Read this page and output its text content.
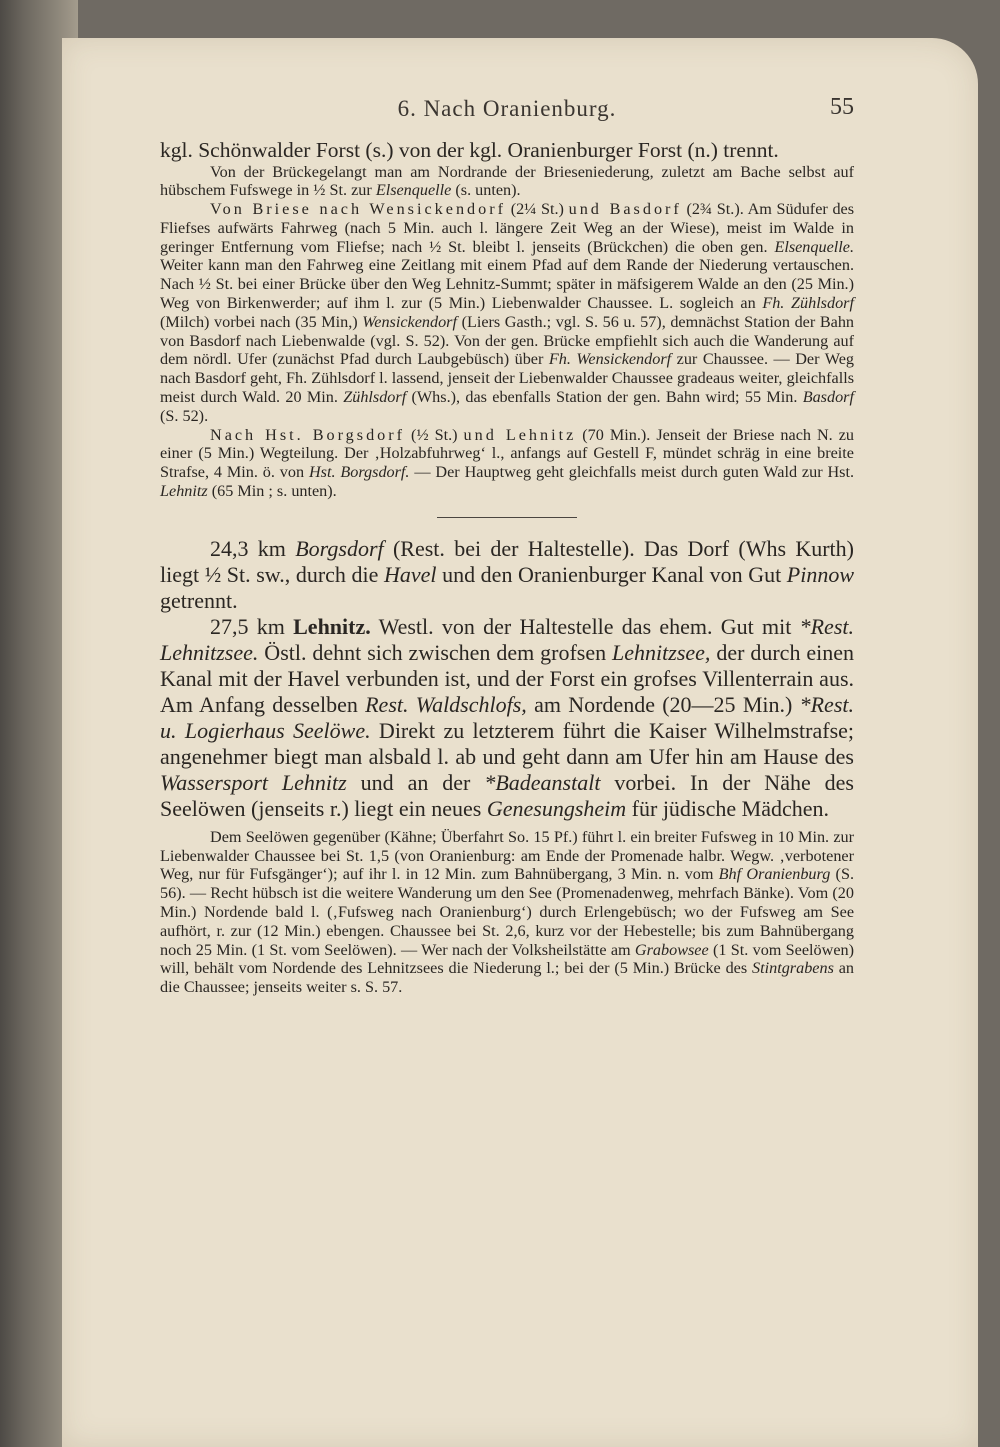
6. Nach Oranienburg.	55

kgl. Schönwalder Forst (s.) von der kgl. Oranienburger Forst (n.) trennt.

Von der Brückegelangt man am Nordrande der Brieseniederung, zuletzt am Bache selbst auf hübschem Fufswege in ½ St. zur Elsenquelle (s. unten).

Von Briese nach Wensickendorf (2¼ St.) und Basdorf (2¾ St.). Am Südufer des Fliefses aufwärts Fahrweg (nach 5 Min. auch l. längere Zeit Weg an der Wiese), meist im Walde in geringer Entfernung vom Fliefse; nach ½ St. bleibt l. jenseits (Brückchen) die oben gen. Elsenquelle. Weiter kann man den Fahrweg eine Zeitlang mit einem Pfad auf dem Rande der Niederung vertauschen. Nach ½ St. bei einer Brücke über den Weg Lehnitz-Summt; später in mäfsigerem Walde an den (25 Min.) Weg von Birkenwerder; auf ihm l. zur (5 Min.) Liebenwalder Chaussee. L. sogleich an Fh. Zühlsdorf (Milch) vorbei nach (35 Min,) Wensickendorf (Liers Gasth.; vgl. S. 56 u. 57), demnächst Station der Bahn von Basdorf nach Liebenwalde (vgl. S. 52). Von der gen. Brücke empfiehlt sich auch die Wanderung auf dem nördl. Ufer (zunächst Pfad durch Laubgebüsch) über Fh. Wensickendorf zur Chaussee. — Der Weg nach Basdorf geht, Fh. Zühlsdorf l. lassend, jenseit der Liebenwalder Chaussee gradeaus weiter, gleichfalls meist durch Wald. 20 Min. Zühlsdorf (Whs.), das ebenfalls Station der gen. Bahn wird; 55 Min. Basdorf (S. 52).

Nach Hst. Borgsdorf (½ St.) und Lehnitz (70 Min.). Jenseit der Briese nach N. zu einer (5 Min.) Wegteilung. Der ‚Holzabfuhrweg‘ l., anfangs auf Gestell F, mündet schräg in eine breite Strafse, 4 Min. ö. von Hst. Borgsdorf. — Der Hauptweg geht gleichfalls meist durch guten Wald zur Hst. Lehnitz (65 Min ; s. unten).

24,3 km Borgsdorf (Rest. bei der Haltestelle). Das Dorf (Whs Kurth) liegt ½ St. sw., durch die Havel und den Oranienburger Kanal von Gut Pinnow getrennt.

27,5 km Lehnitz. Westl. von der Haltestelle das ehem. Gut mit *Rest. Lehnitzsee. Östl. dehnt sich zwischen dem grofsen Lehnitzsee, der durch einen Kanal mit der Havel verbunden ist, und der Forst ein grofses Villenterrain aus. Am Anfang desselben Rest. Waldschlofs, am Nordende (20—25 Min.) *Rest. u. Logierhaus Seelöwe. Direkt zu letzterem führt die Kaiser Wilhelmstrafse; angenehmer biegt man alsbald l. ab und geht dann am Ufer hin am Hause des Wassersport Lehnitz und an der *Badeanstalt vorbei. In der Nähe des Seelöwen (jenseits r.) liegt ein neues Genesungsheim für jüdische Mädchen.

Dem Seelöwen gegenüber (Kähne; Überfahrt So. 15 Pf.) führt l. ein breiter Fufsweg in 10 Min. zur Liebenwalder Chaussee bei St. 1,5 (von Oranienburg: am Ende der Promenade halbr. Wegw. ‚verbotener Weg, nur für Fufsgänger‘); auf ihr l. in 12 Min. zum Bahnübergang, 3 Min. n. vom Bhf Oranienburg (S. 56). — Recht hübsch ist die weitere Wanderung um den See (Promenadenweg, mehrfach Bänke). Vom (20 Min.) Nordende bald l. (‚Fufsweg nach Oranienburg‘) durch Erlengebüsch; wo der Fufsweg am See aufhört, r. zur (12 Min.) ebengen. Chaussee bei St. 2,6, kurz vor der Hebestelle; bis zum Bahnübergang noch 25 Min. (1 St. vom Seelöwen). — Wer nach der Volksheilstätte am Grabowsee (1 St. vom Seelöwen) will, behält vom Nordende des Lehnitzsees die Niederung l.; bei der (5 Min.) Brücke des Stintgrabens an die Chaussee; jenseits weiter s. S. 57.
